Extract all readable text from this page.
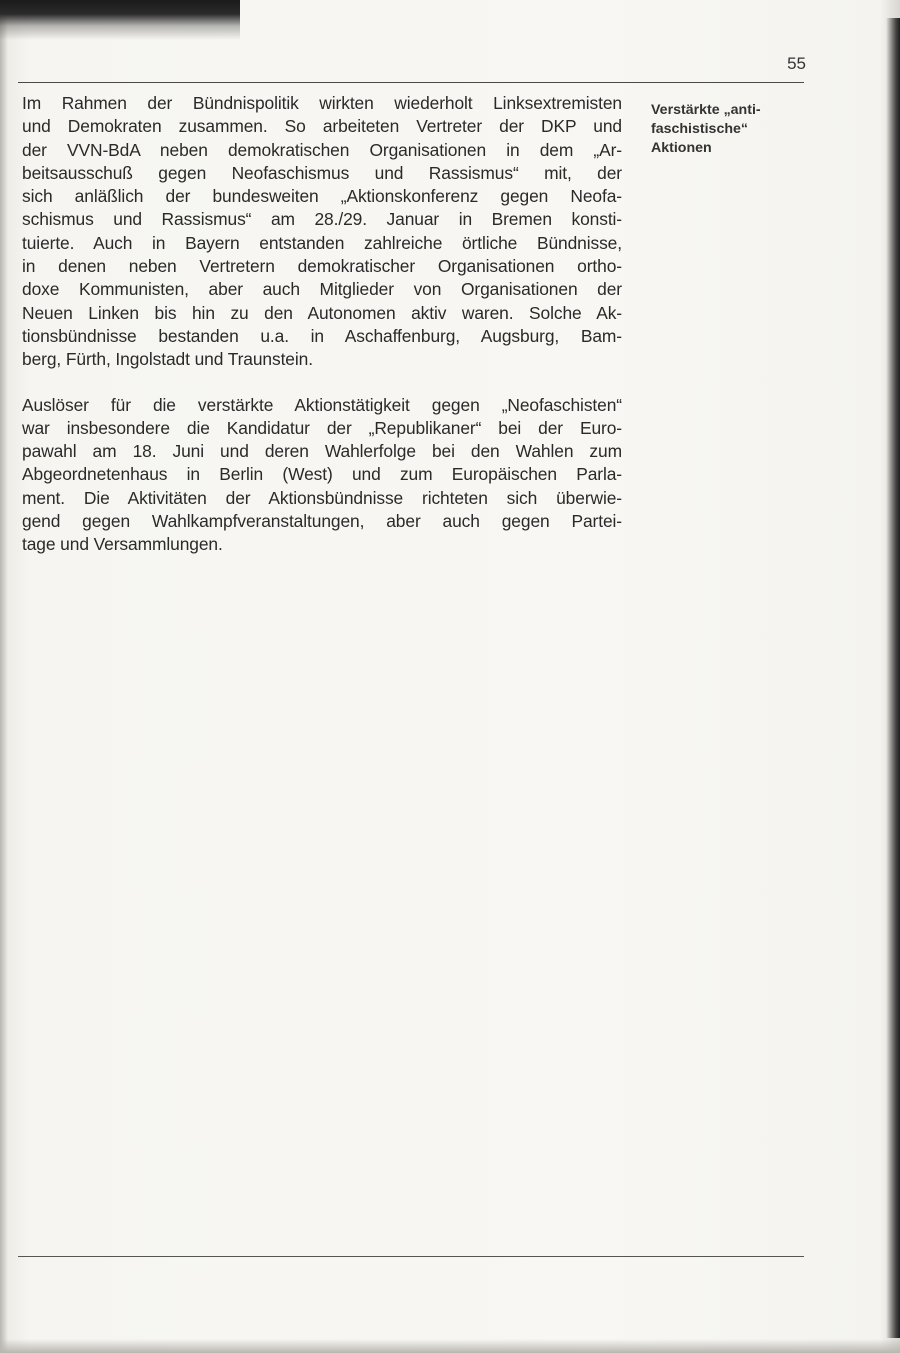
55

Im Rahmen der Bündnispolitik wirkten wiederholt Linksextremisten
und Demokraten zusammen. So arbeiteten Vertreter der DKP und
der VVN-BdA neben demokratischen Organisationen in dem „Ar-
beitsausschuß gegen Neofaschismus und Rassismus“ mit, der
sich anläßlich der bundesweiten „Aktionskonferenz gegen Neofa-
schismus und Rassismus“ am 28./29. Januar in Bremen konsti-
tuierte. Auch in Bayern entstanden zahlreiche örtliche Bündnisse,
in denen neben Vertretern demokratischer Organisationen ortho-
doxe Kommunisten, aber auch Mitglieder von Organisationen der
Neuen Linken bis hin zu den Autonomen aktiv waren. Solche Ak-
tionsbündnisse bestanden u.a. in Aschaffenburg, Augsburg, Bam-
berg, Fürth, Ingolstadt und Traunstein.

Auslöser für die verstärkte Aktionstätigkeit gegen „Neofaschisten“
war insbesondere die Kandidatur der „Republikaner“ bei der Euro-
pawahl am 18. Juni und deren Wahlerfolge bei den Wahlen zum
Abgeordnetenhaus in Berlin (West) und zum Europäischen Parla-
ment. Die Aktivitäten der Aktionsbündnisse richteten sich überwie-
gend gegen Wahlkampfveranstaltungen, aber auch gegen Partei-
tage und Versammlungen.

Verstärkte „anti-
faschistische“
Aktionen
